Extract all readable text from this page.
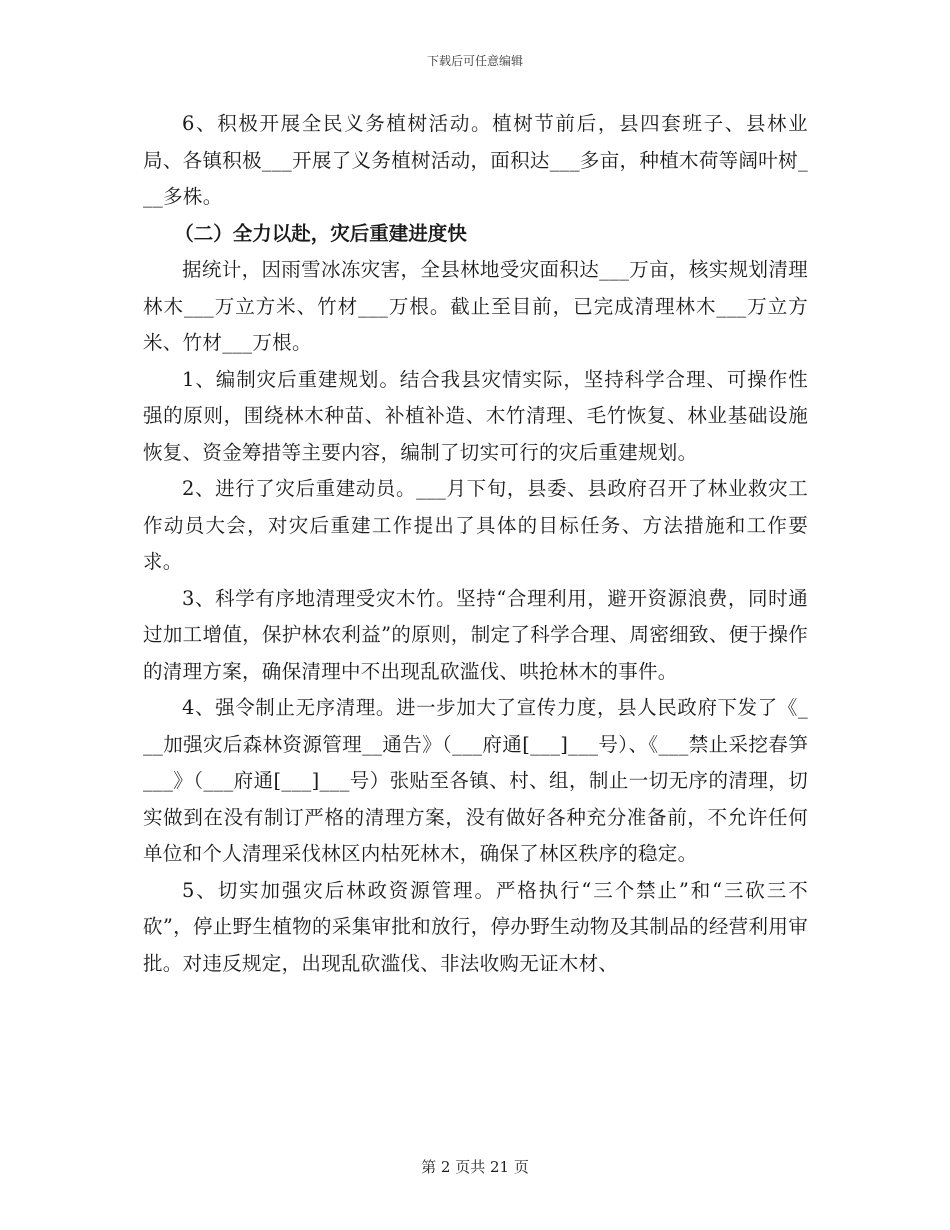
下载后可任意编辑

6、积极开展全民义务植树活动。植树节前后，县四套班子、县林业局、各镇积极___开展了义务植树活动，面积达___多亩，种植木荷等阔叶树___多株。

（二）全力以赴，灾后重建进度快

据统计，因雨雪冰冻灾害，全县林地受灾面积达___万亩，核实规划清理林木___万立方米、竹材___万根。截止至目前，已完成清理林木___万立方米、竹材___万根。

1、编制灾后重建规划。结合我县灾情实际，坚持科学合理、可操作性强的原则，围绕林木种苗、补植补造、木竹清理、毛竹恢复、林业基础设施恢复、资金筹措等主要内容，编制了切实可行的灾后重建规划。

2、进行了灾后重建动员。___月下旬，县委、县政府召开了林业救灾工作动员大会，对灾后重建工作提出了具体的目标任务、方法措施和工作要求。

3、科学有序地清理受灾木竹。坚持“合理利用，避开资源浪费，同时通过加工增值，保护林农利益”的原则，制定了科学合理、周密细致、便于操作的清理方案，确保清理中不出现乱砍滥伐、哄抢林木的事件。

4、强令制止无序清理。进一步加大了宣传力度，县人民政府下发了《___加强灾后森林资源管理__通告》（___府通[___]___号）、《___禁止采挖春笋___》（___府通[___]___号）张贴至各镇、村、组，制止一切无序的清理，切实做到在没有制订严格的清理方案，没有做好各种充分准备前，不允许任何单位和个人清理采伐林区内枯死林木，确保了林区秩序的稳定。

5、切实加强灾后林政资源管理。严格执行“三个禁止”和“三砍三不砍”，停止野生植物的采集审批和放行，停办野生动物及其制品的经营利用审批。对违反规定，出现乱砍滥伐、非法收购无证木材、

第 2 页共 21 页
